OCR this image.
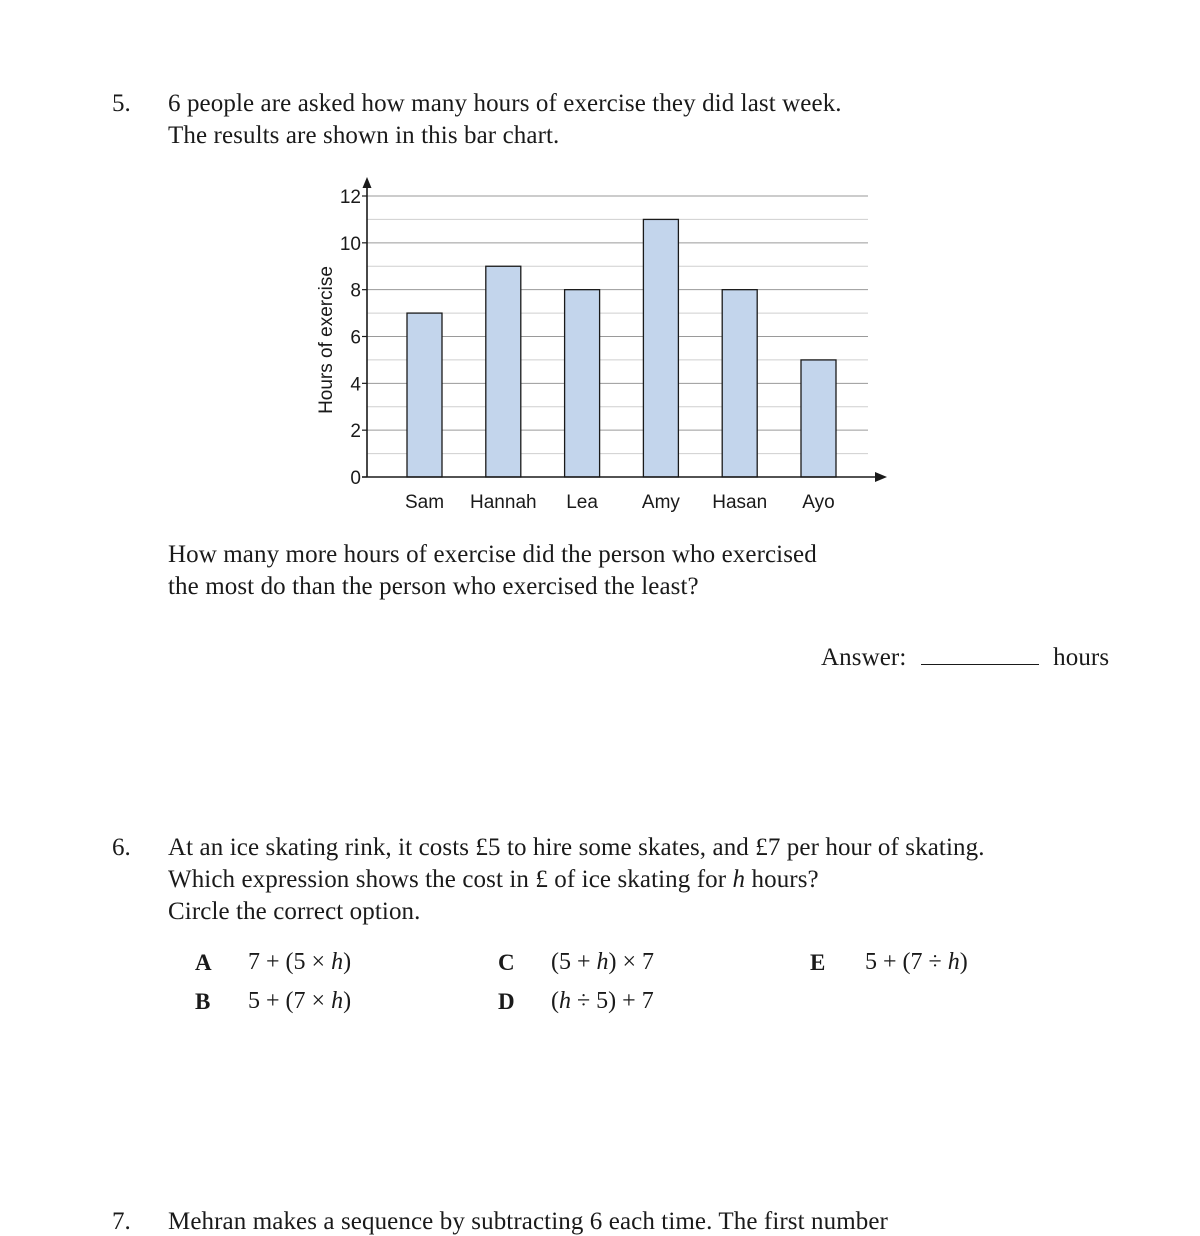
5. 6 people are asked how many hours of exercise they did last week.
The results are shown in this bar chart.
0
2
4
6
8
10
12
Sam Hannah Lea Amy Hasan Ayo
Hours of exercise
How many more hours of exercise did the person who exercised
the most do than the person who exercised the least?
Answer:	hours
6. At an ice skating rink, it costs £5 to hire some skates, and £7 per hour of skating.
Which expression shows the cost in £ of ice skating for h hours?
Circle the correct option.
A 7 + (5 × h)
B 5 + (7 × h)
C (5 + h) × 7
D (h ÷ 5) + 7
E 5 + (7 ÷ h)
7. Mehran makes a sequence by subtracting 6 each time. The first number
